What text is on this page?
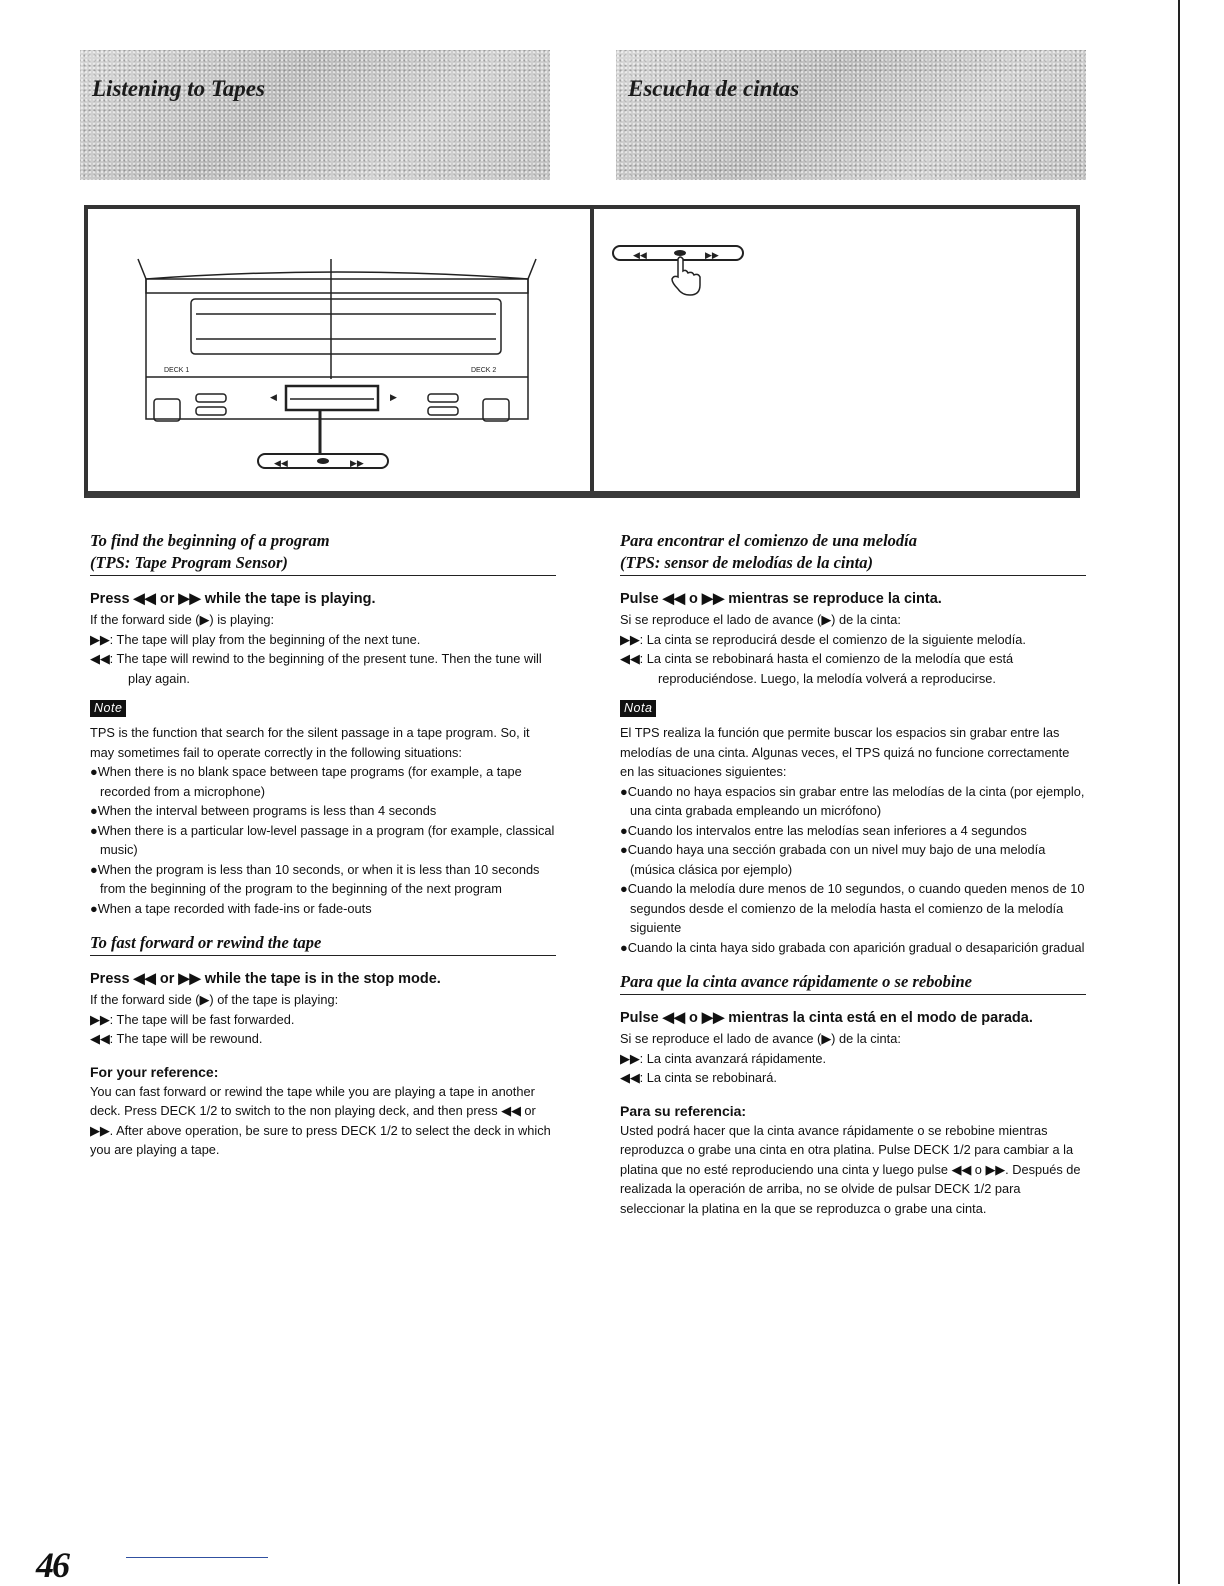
Listening to Tapes	Escucha de cintas
DECK 1	DECK 2
◀	▶
◀◀	▶▶
◀◀	▶▶
To find the beginning of a program
(TPS: Tape Program Sensor)
Press ◀◀ or ▶▶ while the tape is playing.
If the forward side (▶) is playing:
▶▶: The tape will play from the beginning of the next tune.
◀◀: The tape will rewind to the beginning of the present tune. Then the tune will play again.
Note
TPS is the function that search for the silent passage in a tape program. So, it may sometimes fail to operate correctly in the following situations:
●When there is no blank space between tape programs (for example, a tape recorded from a microphone)
●When the interval between programs is less than 4 seconds
●When there is a particular low-level passage in a program (for example, classical music)
●When the program is less than 10 seconds, or when it is less than 10 seconds from the beginning of the program to the beginning of the next program
●When a tape recorded with fade-ins or fade-outs
To fast forward or rewind the tape
Press ◀◀ or ▶▶ while the tape is in the stop mode.
If the forward side (▶) of the tape is playing:
▶▶: The tape will be fast forwarded.
◀◀: The tape will be rewound.
For your reference:
You can fast forward or rewind the tape while you are playing a tape in another deck. Press DECK 1/2 to switch to the non playing deck, and then press ◀◀ or ▶▶. After above operation, be sure to press DECK 1/2 to select the deck in which you are playing a tape.
Para encontrar el comienzo de una melodía
(TPS: sensor de melodías de la cinta)
Pulse ◀◀ o ▶▶ mientras se reproduce la cinta.
Si se reproduce el lado de avance (▶) de la cinta:
▶▶: La cinta se reproducirá desde el comienzo de la siguiente melodía.
◀◀: La cinta se rebobinará hasta el comienzo de la melodía que está reproduciéndose. Luego, la melodía volverá a reproducirse.
Nota
El TPS realiza la función que permite buscar los espacios sin grabar entre las melodías de una cinta. Algunas veces, el TPS quizá no funcione correctamente en las situaciones siguientes:
●Cuando no haya espacios sin grabar entre las melodías de la cinta (por ejemplo, una cinta grabada empleando un micrófono)
●Cuando los intervalos entre las melodías sean inferiores a 4 segundos
●Cuando haya una sección grabada con un nivel muy bajo de una melodía (música clásica por ejemplo)
●Cuando la melodía dure menos de 10 segundos, o cuando queden menos de 10 segundos desde el comienzo de la melodía hasta el comienzo de la melodía siguiente
●Cuando la cinta haya sido grabada con aparición gradual o desaparición gradual
Para que la cinta avance rápidamente o se rebobine
Pulse ◀◀ o ▶▶ mientras la cinta está en el modo de parada.
Si se reproduce el lado de avance (▶) de la cinta:
▶▶: La cinta avanzará rápidamente.
◀◀: La cinta se rebobinará.
Para su referencia:
Usted podrá hacer que la cinta avance rápidamente o se rebobine mientras reproduzca o grabe una cinta en otra platina. Pulse DECK 1/2 para cambiar a la platina que no esté reproduciendo una cinta y luego pulse ◀◀ o ▶▶. Después de realizada la operación de arriba, no se olvide de pulsar DECK 1/2 para seleccionar la platina en la que se reproduzca o grabe una cinta.
46
